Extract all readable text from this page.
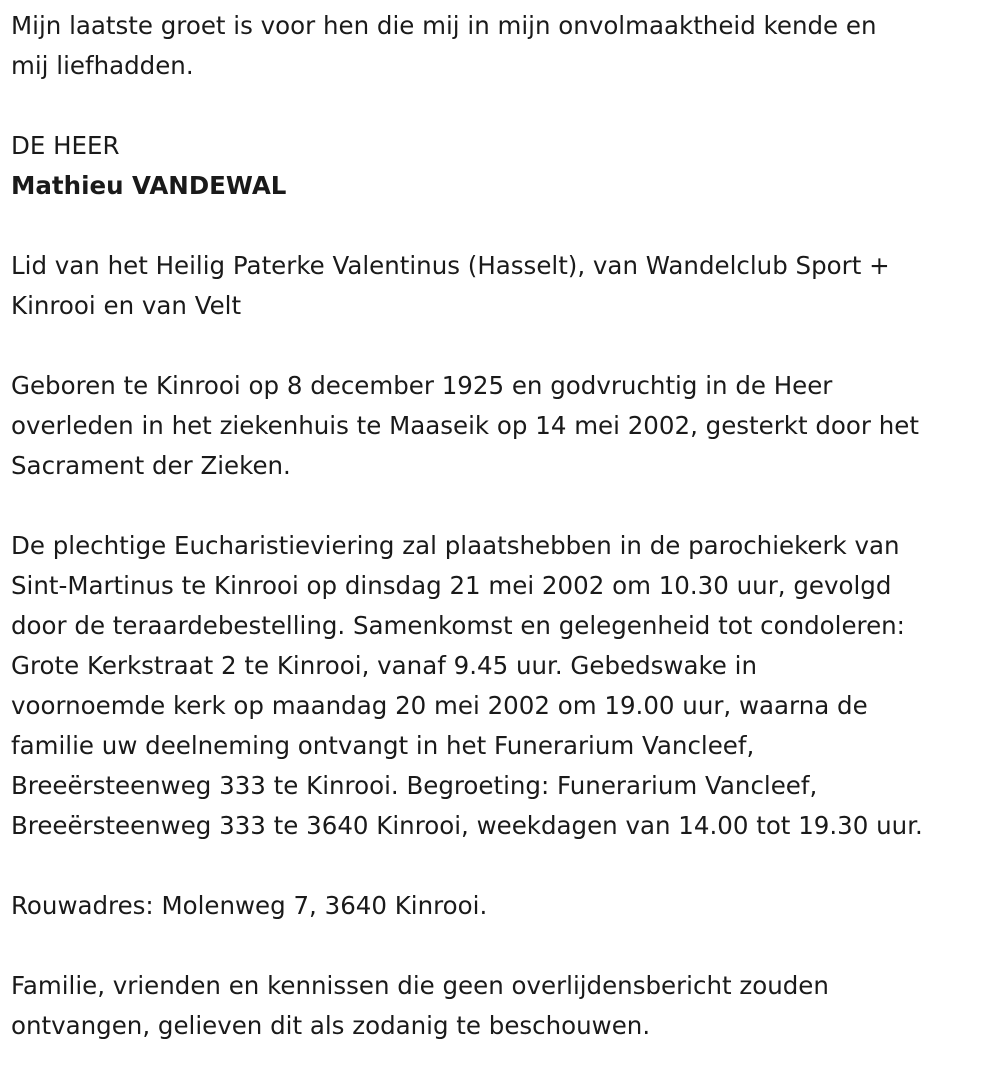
Mijn laatste groet is voor hen die mij in mijn onvolmaaktheid kende en
mij liefhadden.

DE HEER
Mathieu VANDEWAL

Lid van het Heilig Paterke Valentinus (Hasselt), van Wandelclub Sport +
Kinrooi en van Velt

Geboren te Kinrooi op 8 december 1925 en godvruchtig in de Heer
overleden in het ziekenhuis te Maaseik op 14 mei 2002, gesterkt door het
Sacrament der Zieken.

De plechtige Eucharistieviering zal plaatshebben in de parochiekerk van
Sint-Martinus te Kinrooi op dinsdag 21 mei 2002 om 10.30 uur, gevolgd
door de teraardebestelling. Samenkomst en gelegenheid tot condoleren:
Grote Kerkstraat 2 te Kinrooi, vanaf 9.45 uur. Gebedswake in
voornoemde kerk op maandag 20 mei 2002 om 19.00 uur, waarna de
familie uw deelneming ontvangt in het Funerarium Vancleef,
Breeërsteenweg 333 te Kinrooi. Begroeting: Funerarium Vancleef,
Breeërsteenweg 333 te 3640 Kinrooi, weekdagen van 14.00 tot 19.30 uur.

Rouwadres: Molenweg 7, 3640 Kinrooi.

Familie, vrienden en kennissen die geen overlijdensbericht zouden
ontvangen, gelieven dit als zodanig te beschouwen.
